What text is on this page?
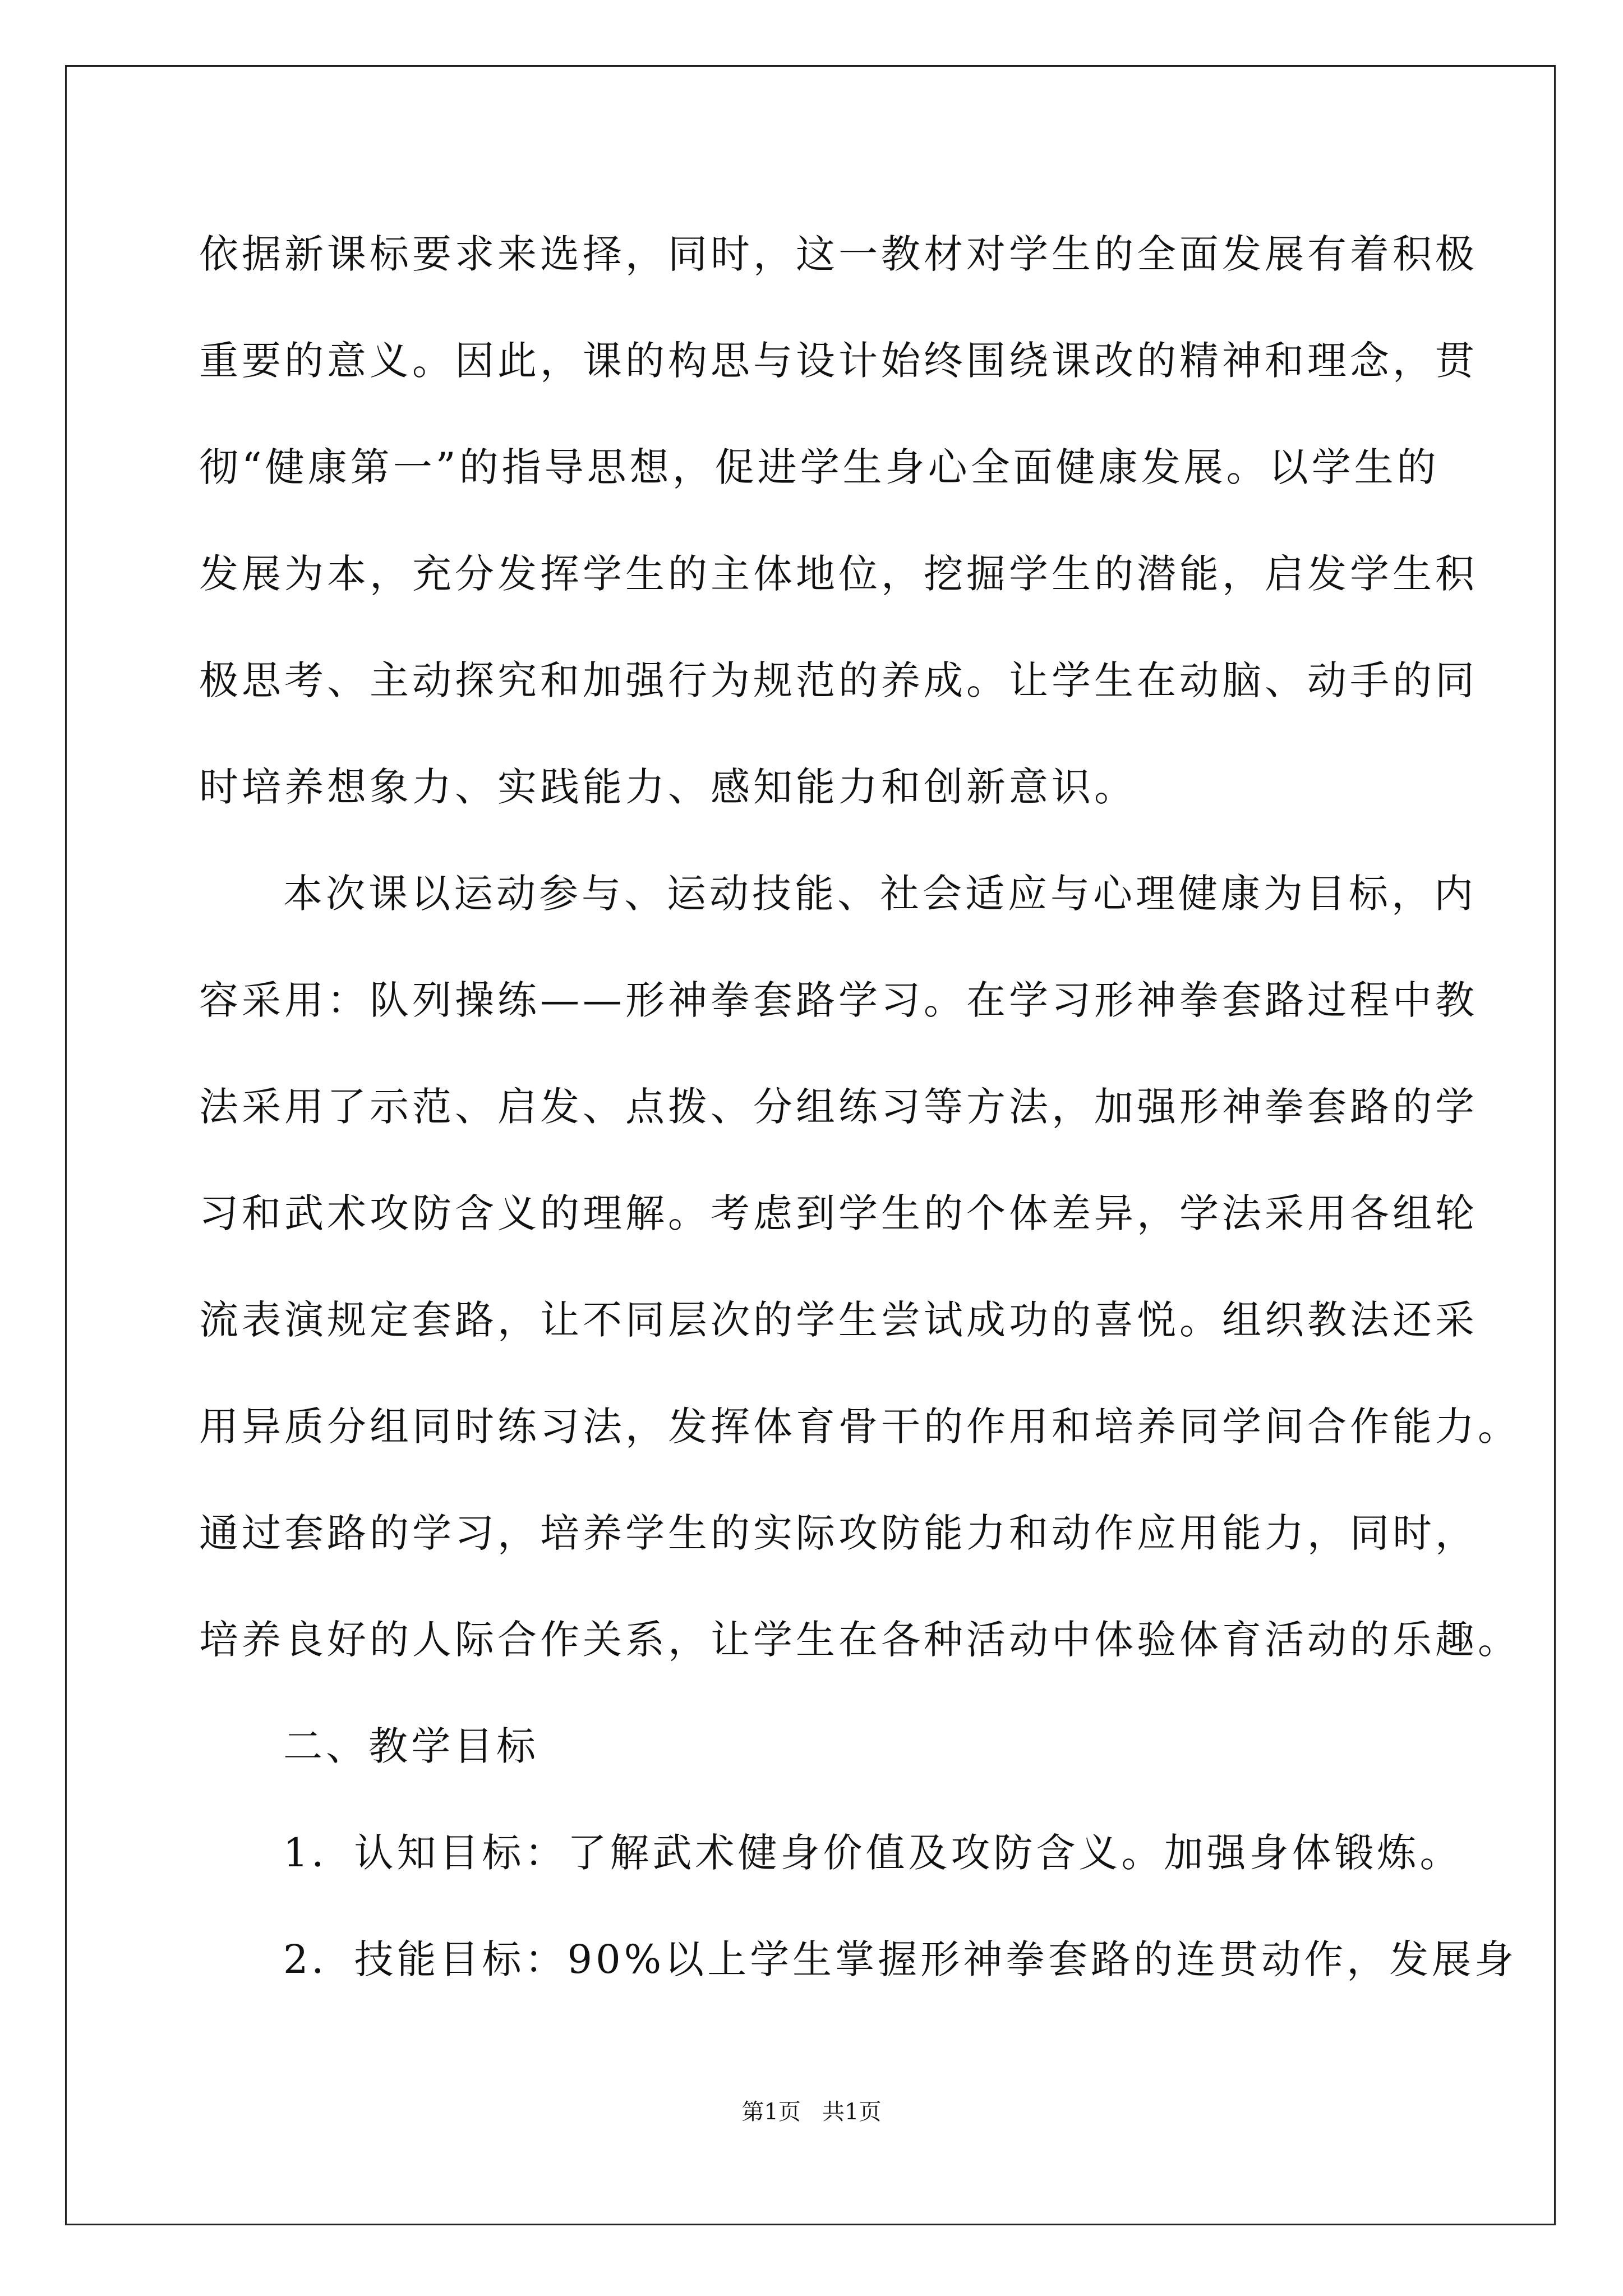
依据新课标要求来选择，同时，这一教材对学生的全面发展有着积极
重要的意义。因此，课的构思与设计始终围绕课改的精神和理念，贯
彻“健康第一”的指导思想，促进学生身心全面健康发展。以学生的
发展为本，充分发挥学生的主体地位，挖掘学生的潜能，启发学生积
极思考、主动探究和加强行为规范的养成。让学生在动脑、动手的同
时培养想象力、实践能力、感知能力和创新意识。
本次课以运动参与、运动技能、社会适应与心理健康为目标，内
容采用：队列操练——形神拳套路学习。在学习形神拳套路过程中教
法采用了示范、启发、点拨、分组练习等方法，加强形神拳套路的学
习和武术攻防含义的理解。考虑到学生的个体差异，学法采用各组轮
流表演规定套路，让不同层次的学生尝试成功的喜悦。组织教法还采
用异质分组同时练习法，发挥体育骨干的作用和培养同学间合作能力。
通过套路的学习，培养学生的实际攻防能力和动作应用能力，同时，
培养良好的人际合作关系，让学生在各种活动中体验体育活动的乐趣。
二、教学目标
1．认知目标：了解武术健身价值及攻防含义。加强身体锻炼。
2．技能目标：90%以上学生掌握形神拳套路的连贯动作，发展身
第1页   共1页
